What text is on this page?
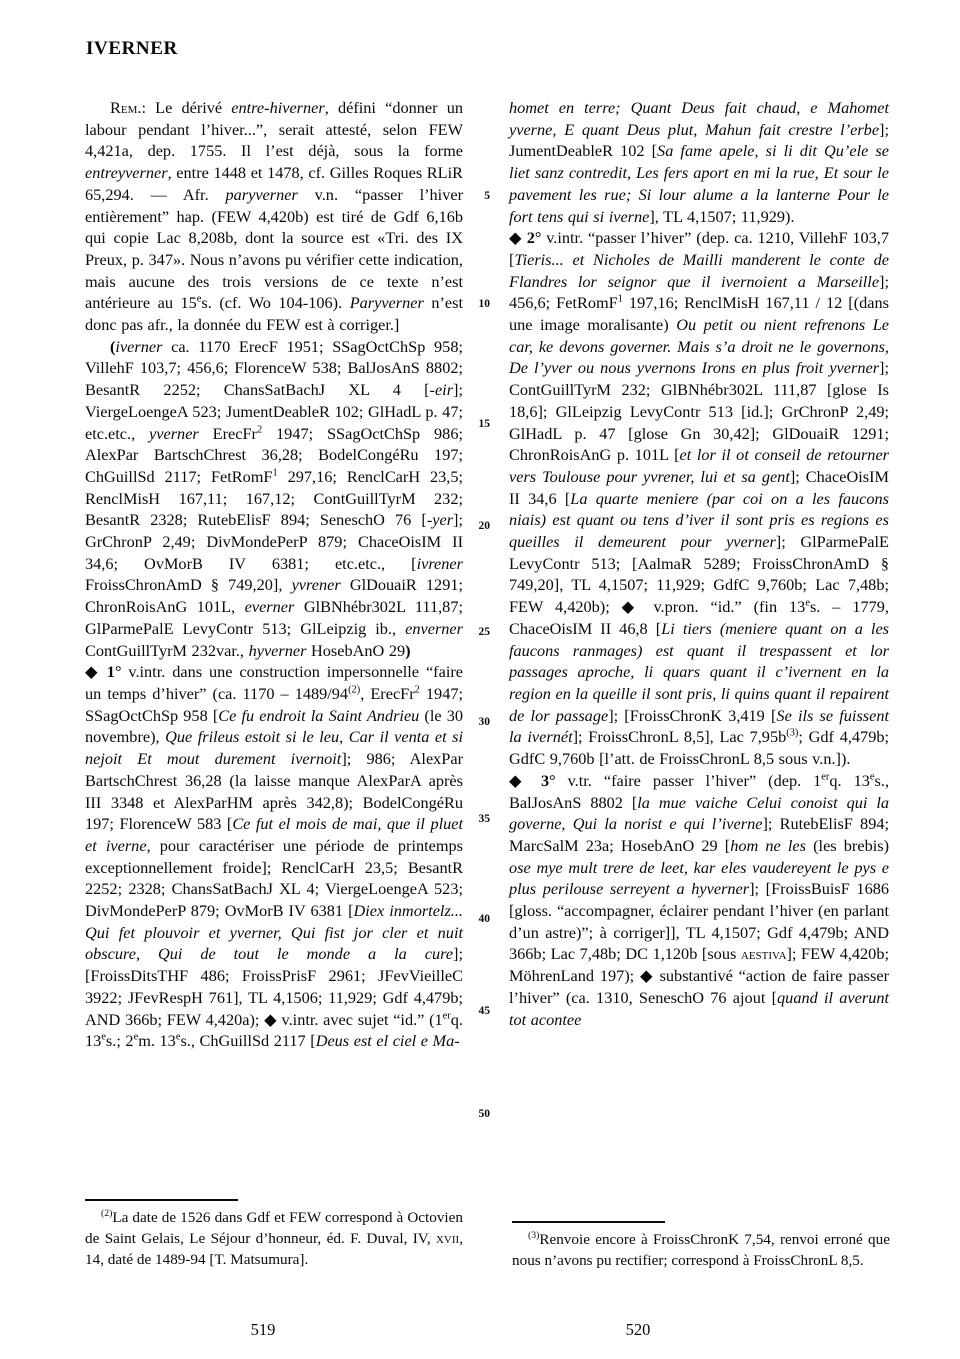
IVERNER

Rem.: Le dérivé entre-hiverner, défini “donner un labour pendant l’hiver...”, serait attesté, selon FEW 4,421a, dep. 1755. Il l’est déjà, sous la forme entreyverner, entre 1448 et 1478, cf. Gilles Roques RLiR 65,294. — Afr. paryverner v.n. “passer l’hiver entièrement” hap. (FEW 4,420b) est tiré de Gdf 6,16b qui copie Lac 8,208b, dont la source est «Tri. des IX Preux, p. 347». Nous n’avons pu vérifier cette indication, mais aucune des trois versions de ce texte n’est antérieure au 15es. (cf. Wo 104-106). Paryverner n’est donc pas afr., la donnée du FEW est à corriger.]

(iverner ca. 1170 ErecF 1951; SSagOctChSp 958; VillehF 103,7; 456,6; FlorenceW 538; BalJosAnS 8802; BesantR 2252; ChansSatBachJ XL 4 [-eir]; ViergeLoengeA 523; JumentDeableR 102; GlHadL p. 47; etc.etc., yverner ErecFr$^2$ 1947; SSagOctChSp 986; AlexPar BartschChrest 36,28; BodelCongéRu 197; ChGuillSd 2117; FetRomF$^1$ 297,16; RenclCarH 23,5; RenclMisH 167,11; 167,12; ContGuillTyrM 232; BesantR 2328; RutebElisF 894; SeneschO 76 [-yer]; GrChronP 2,49; DivMondePerP 879; ChaceOisIM II 34,6; OvMorB IV 6381; etc.etc., [ivrener FroissChronAmD § 749,20], yvrener GlDouaiR 1291; ChronRoisAnG 101L, everner GlBNhébr302L 111,87; GlParmePalE LevyContr 513; GlLeipzig ib., enverner ContGuillTyrM 232var., hyverner HosebAnO 29)

◆ 1° v.intr. dans une construction impersonnelle “faire un temps d’hiver” (ca. 1170 – 1489/94$^{(2)}$, ErecFr$^2$ 1947; SSagOctChSp 958 [Ce fu endroit la Saint Andrieu (le 30 novembre), Que frileus estoit si le leu, Car il venta et si nejoit Et mout durement ivernoit]; 986; AlexPar BartschChrest 36,28 (la laisse manque AlexParA après III 3348 et AlexParHM après 342,8); BodelCongéRu 197; FlorenceW 583 [Ce fut el mois de mai, que il pluet et iverne, pour caractériser une période de printemps exceptionnellement froide]; RenclCarH 23,5; BesantR 2252; 2328; ChansSatBachJ XL 4; ViergeLoengeA 523; DivMondePerP 879; OvMorB IV 6381 [Diex inmortelz... Qui fet plouvoir et yverner, Qui fist jor cler et nuit obscure, Qui de tout le monde a la cure]; [FroissDitsTHF 486; FroissPrisF 2961; JFevVieilleC 3922; JFevRespH 761], TL 4,1506; 11,929; Gdf 4,479b; AND 366b; FEW 4,420a); ◆ v.intr. avec sujet “id.” (1erq. 13es.; 2em. 13es., ChGuillSd 2117 [Deus est el ciel e Ma-

homet en terre; Quant Deus fait chaud, e Mahomet yverne, E quant Deus plut, Mahun fait crestre l’erbe]; JumentDeableR 102 [Sa fame apele, si li dit Qu’ele se liet sanz contredit, Les fers aport en mi la rue, Et sour le pavement les rue; Si lour alume a la lanterne Pour le fort tens qui si iverne], TL 4,1507; 11,929).

◆ 2° v.intr. “passer l’hiver” (dep. ca. 1210, VillehF 103,7 [Tieris... et Nicholes de Mailli manderent le conte de Flandres lor seignor que il ivernoient a Marseille]; 456,6; FetRomF$^1$ 197,16; RenclMisH 167,11 / 12 [(dans une image moralisante) Ou petit ou nient refrenons Le car, ke devons governer. Mais s’a droit ne le governons, De l’yver ou nous yvernons Irons en plus froit yverner]; ContGuillTyrM 232; GlBNhébr302L 111,87 [glose Is 18,6]; GlLeipzig LevyContr 513 [id.]; GrChronP 2,49; GlHadL p. 47 [glose Gn 30,42]; GlDouaiR 1291; ChronRoisAnG p. 101L [et lor il ot conseil de retourner vers Toulouse pour yvrener, lui et sa gent]; ChaceOisIM II 34,6 [La quarte meniere (par coi on a les faucons niais) est quant ou tens d’iver il sont pris es regions es queilles il demeurent pour yverner]; GlParmePalE LevyContr 513; [AalmaR 5289; FroissChronAmD § 749,20], TL 4,1507; 11,929; GdfC 9,760b; Lac 7,48b; FEW 4,420b); ◆ v.pron. “id.” (fin 13es. – 1779, ChaceOisIM II 46,8 [Li tiers (meniere quant on a les faucons ranmages) est quant il trespassent et lor passages aproche, li quars quant il c’ivernent en la region en la queille il sont pris, li quins quant il repairent de lor passage]; [FroissChronK 3,419 [Se ils se fuissent la ivernét]; FroissChronL 8,5], Lac $7,95b^{(3)}$; Gdf 4,479b; GdfC 9,760b [l’att. de FroissChronL 8,5 sous v.n.]).

◆ 3° v.tr. “faire passer l’hiver” (dep. 1erq. 13es., BalJosAnS 8802 [la mue vaiche Celui conoist qui la governe, Qui la norist e qui l’iverne]; RutebElisF 894; MarcSalM 23a; HosebAnO 29 [hom ne les (les brebis) ose mye mult trere de leet, kar eles vaudereyent le pys e plus perilouse serreyent a hyverner]; [FroissBuisF 1686 [gloss. “accompagner, éclairer pendant l’hiver (en parlant d’un astre)”; à corriger]], TL 4,1507; Gdf 4,479b; AND 366b; Lac 7,48b; DC 1,120b [sous aestiva]; FEW 4,420b; MöhrenLand 197); ◆ substantivé “action de faire passer l’hiver” (ca. 1310, SeneschO 76 ajout [quand il averunt tot acontee

$^{(2)}$La date de 1526 dans Gdf et FEW correspond à Octovien de Saint Gelais, Le Séjour d’honneur, éd. F. Duval, IV, xvii, 14, daté de 1489-94 [T. Matsumura].

$^{(3)}$Renvoie encore à FroissChronK 7,54, renvoi erroné que nous n’avons pu rectifier; correspond à FroissChronL 8,5.

5
10
15
20
25
30
35
40
45
50
519	520
